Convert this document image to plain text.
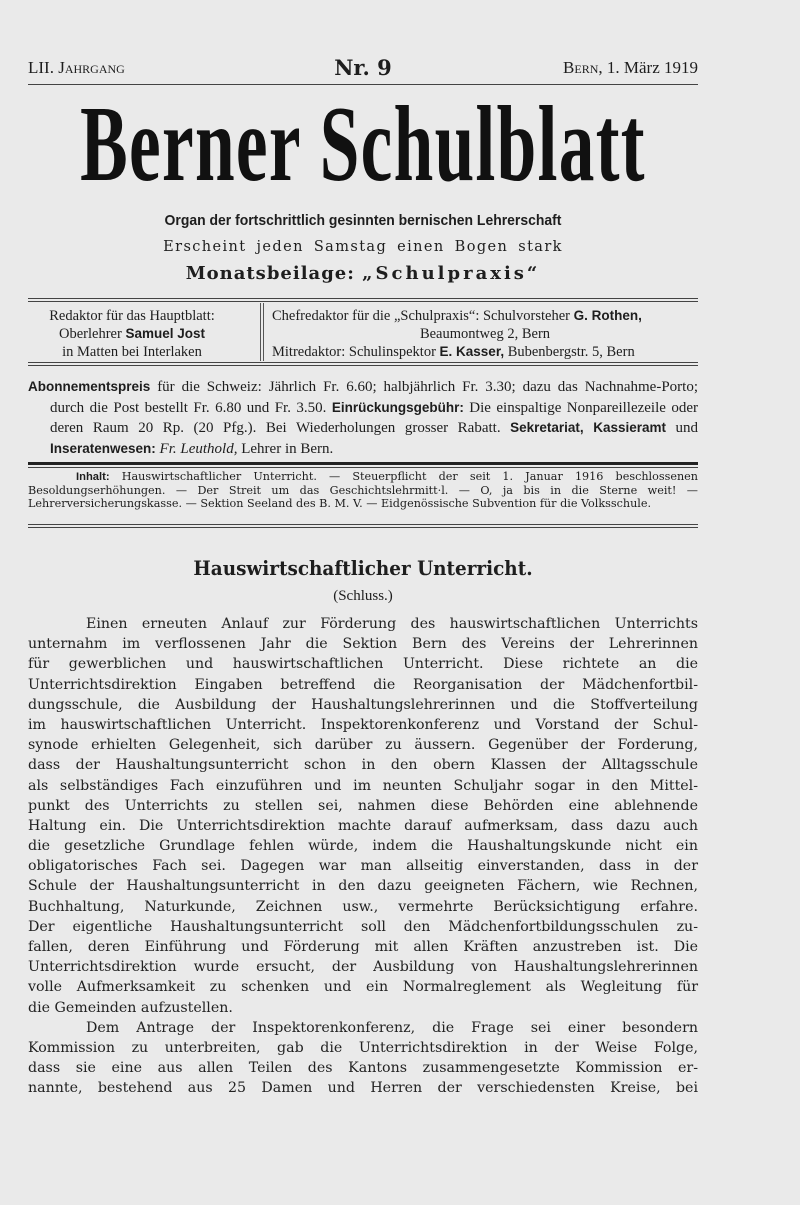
LII. Jahrgang	Nr. 9	Bern, 1. März 1919
Berner Schulblatt
Organ der fortschrittlich gesinnten bernischen Lehrerschaft
Erscheint jeden Samstag einen Bogen stark
Monatsbeilage: „Schulpraxis“
Redaktor für das Hauptblatt:
Oberlehrer Samuel Jost
in Matten bei Interlaken
Chefredaktor für die „Schulpraxis“: Schulvorsteher G. Rothen,
Beaumontweg 2, Bern
Mitredaktor: Schulinspektor E. Kasser, Bubenbergstr. 5, Bern

Abonnementspreis für die Schweiz: Jährlich Fr. 6.60; halbjährlich Fr. 3.30; dazu das Nachnahme-Porto; durch die Post bestellt Fr. 6.80 und Fr. 3.50. Einrückungsgebühr: Die einspaltige Nonpareillezeile oder deren Raum 20 Rp. (20 Pfg.). Bei Wiederholungen grosser Rabatt. Sekretariat, Kassieramt und Inseratenwesen: Fr. Leuthold, Lehrer in Bern.

Inhalt: Hauswirtschaftlicher Unterricht. — Steuerpflicht der seit 1. Januar 1916 beschlossenen Besoldungserhöhungen. — Der Streit um das Geschichtslehrmitt·l. — O, ja bis in die Sterne weit! — Lehrerversicherungskasse. — Sektion Seeland des B. M. V. — Eidgenössische Subvention für die Volksschule.

Hauswirtschaftlicher Unterricht.
(Schluss.)
Einen erneuten Anlauf zur Förderung des hauswirtschaftlichen Unterrichts
unternahm im verflossenen Jahr die Sektion Bern des Vereins der Lehrerinnen
für gewerblichen und hauswirtschaftlichen Unterricht. Diese richtete an die
Unterrichtsdirektion Eingaben betreffend die Reorganisation der Mädchenfortbil-
dungsschule, die Ausbildung der Haushaltungslehrerinnen und die Stoffverteilung
im hauswirtschaftlichen Unterricht. Inspektorenkonferenz und Vorstand der Schul-
synode erhielten Gelegenheit, sich darüber zu äussern. Gegenüber der Forderung,
dass der Haushaltungsunterricht schon in den obern Klassen der Alltagsschule
als selbständiges Fach einzuführen und im neunten Schuljahr sogar in den Mittel-
punkt des Unterrichts zu stellen sei, nahmen diese Behörden eine ablehnende
Haltung ein. Die Unterrichtsdirektion machte darauf aufmerksam, dass dazu auch
die gesetzliche Grundlage fehlen würde, indem die Haushaltungskunde nicht ein
obligatorisches Fach sei. Dagegen war man allseitig einverstanden, dass in der
Schule der Haushaltungsunterricht in den dazu geeigneten Fächern, wie Rechnen,
Buchhaltung, Naturkunde, Zeichnen usw., vermehrte Berücksichtigung erfahre.
Der eigentliche Haushaltungsunterricht soll den Mädchenfortbildungsschulen zu-
fallen, deren Einführung und Förderung mit allen Kräften anzustreben ist. Die
Unterrichtsdirektion wurde ersucht, der Ausbildung von Haushaltungslehrerinnen
volle Aufmerksamkeit zu schenken und ein Normalreglement als Wegleitung für
die Gemeinden aufzustellen.
Dem Antrage der Inspektorenkonferenz, die Frage sei einer besondern
Kommission zu unterbreiten, gab die Unterrichtsdirektion in der Weise Folge,
dass sie eine aus allen Teilen des Kantons zusammengesetzte Kommission er-
nannte, bestehend aus 25 Damen und Herren der verschiedensten Kreise, bei
